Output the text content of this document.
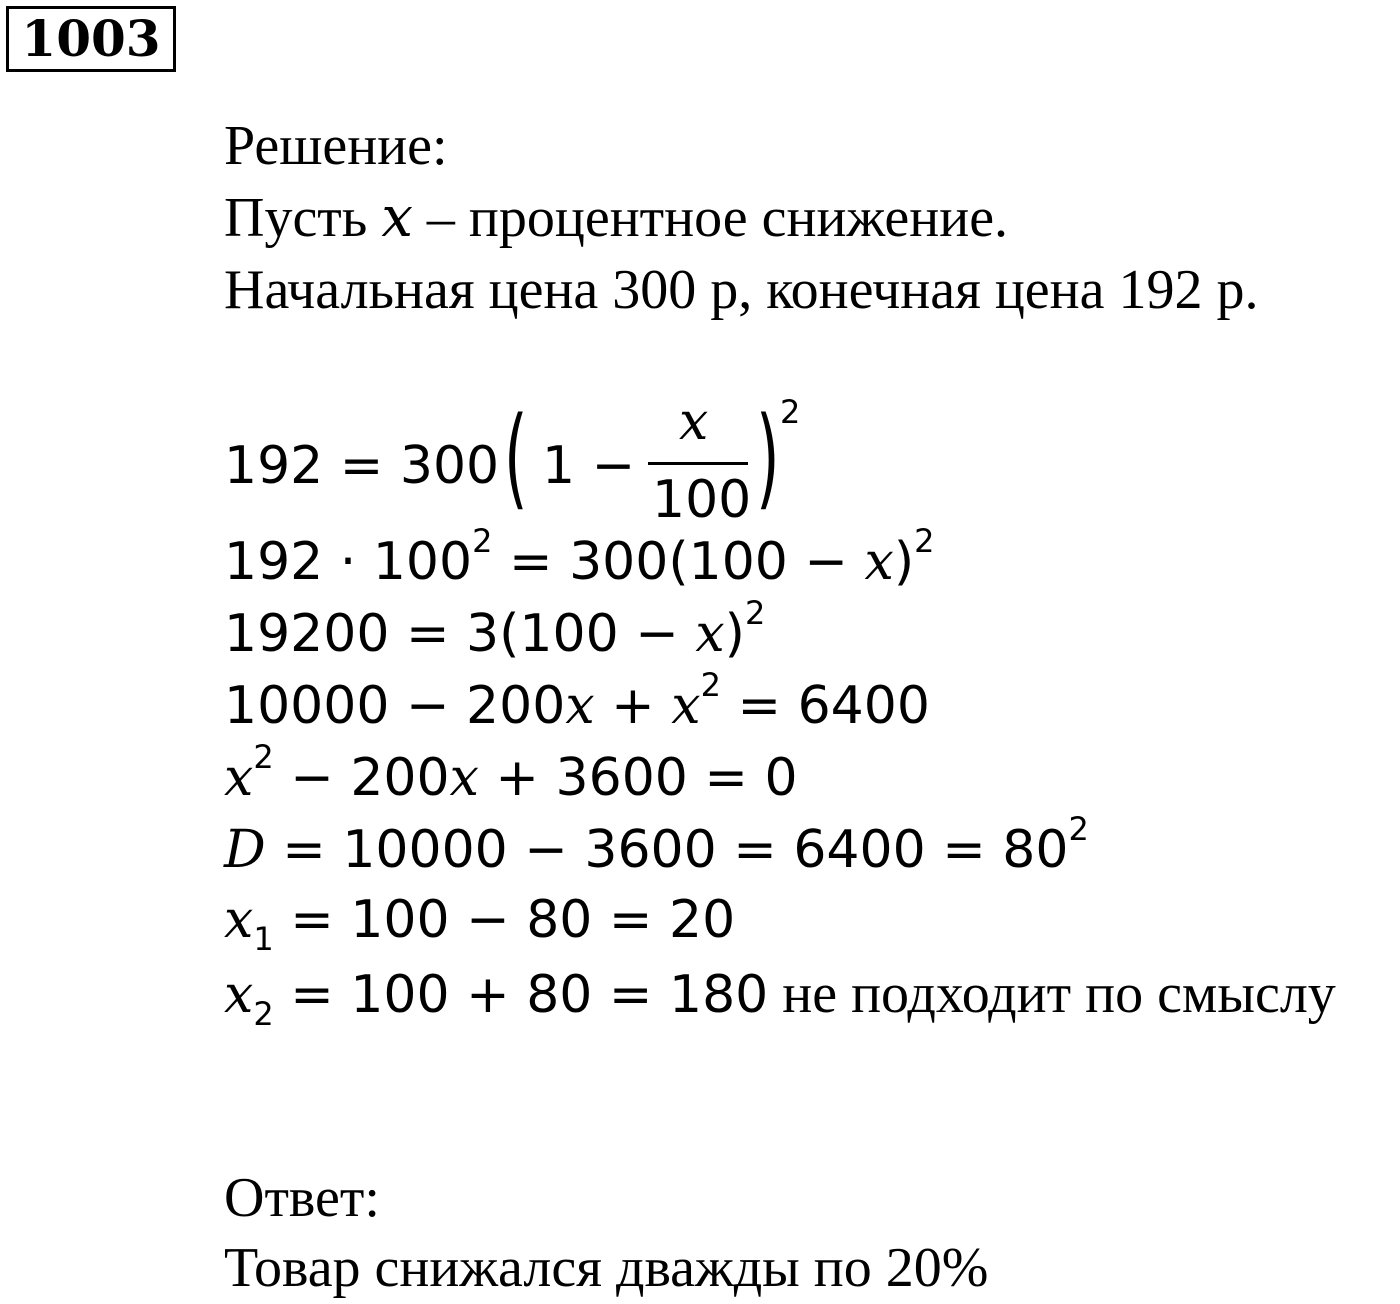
1003
Решение:
Пусть x – процентное снижение.
Начальная цена 300 р, конечная цена 192 р.
192 = 300 ( 1 −
x
100 ) 2
$192 \cdot 100^2 = 300(100 - x)^2$
$19200 = 3(100 - x)^2$
$10000 - 200x + x^2 = 6400$
$x^2 - 200x + 3600 = 0$
$D = 10000 - 3600 = 6400 = 80^2$
$x_1 = 100 - 80 = 20$
$x_2 = 100 + 80 = 180$ не подходит по смыслу
Ответ:
Товар снижался дважды по 20%
